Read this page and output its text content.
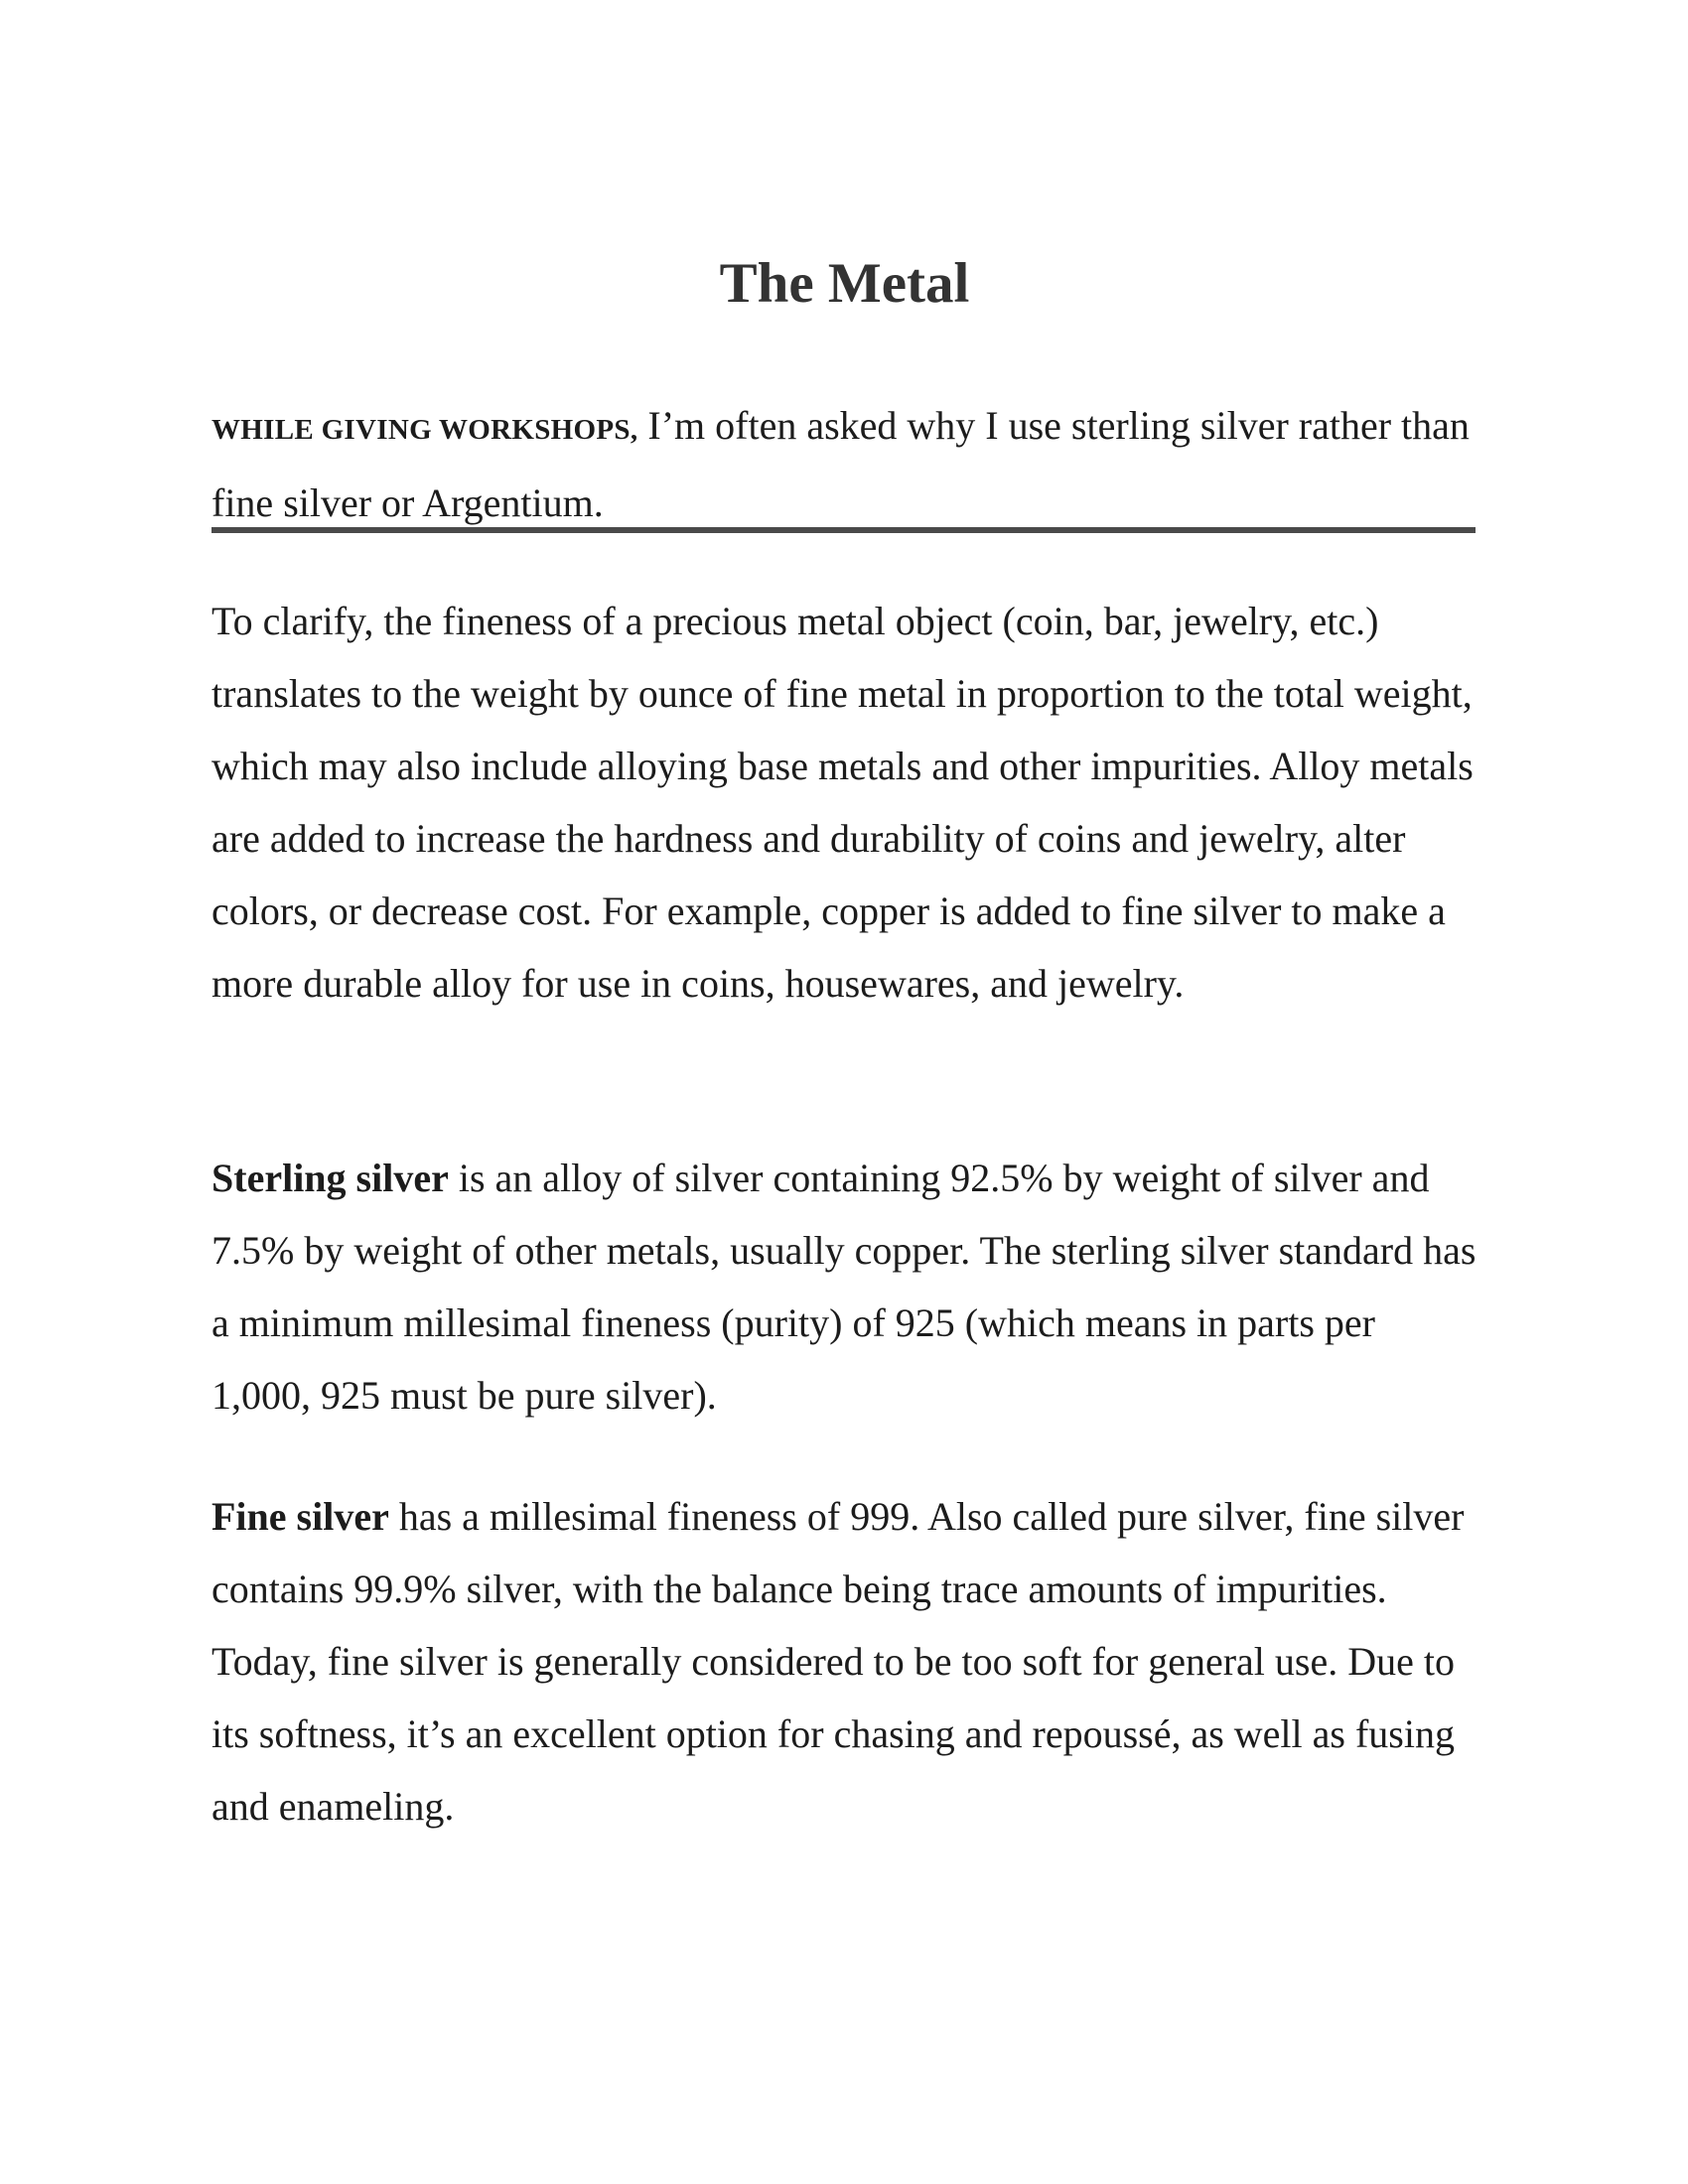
The Metal

WHILE GIVING WORKSHOPS, I’m often asked why I use sterling silver rather than fine silver or Argentium.

To clarify, the fineness of a precious metal object (coin, bar, jewelry, etc.) translates to the weight by ounce of fine metal in proportion to the total weight, which may also include alloying base metals and other impurities. Alloy metals are added to increase the hardness and durability of coins and jewelry, alter colors, or decrease cost. For example, copper is added to fine silver to make a more durable alloy for use in coins, housewares, and jewelry.

Sterling silver is an alloy of silver containing 92.5% by weight of silver and 7.5% by weight of other metals, usually copper. The sterling silver standard has a minimum millesimal fineness (purity) of 925 (which means in parts per 1,000, 925 must be pure silver).

Fine silver has a millesimal fineness of 999. Also called pure silver, fine silver contains 99.9% silver, with the balance being trace amounts of impurities. Today, fine silver is generally considered to be too soft for general use. Due to its softness, it’s an excellent option for chasing and repoussé, as well as fusing and enameling.
